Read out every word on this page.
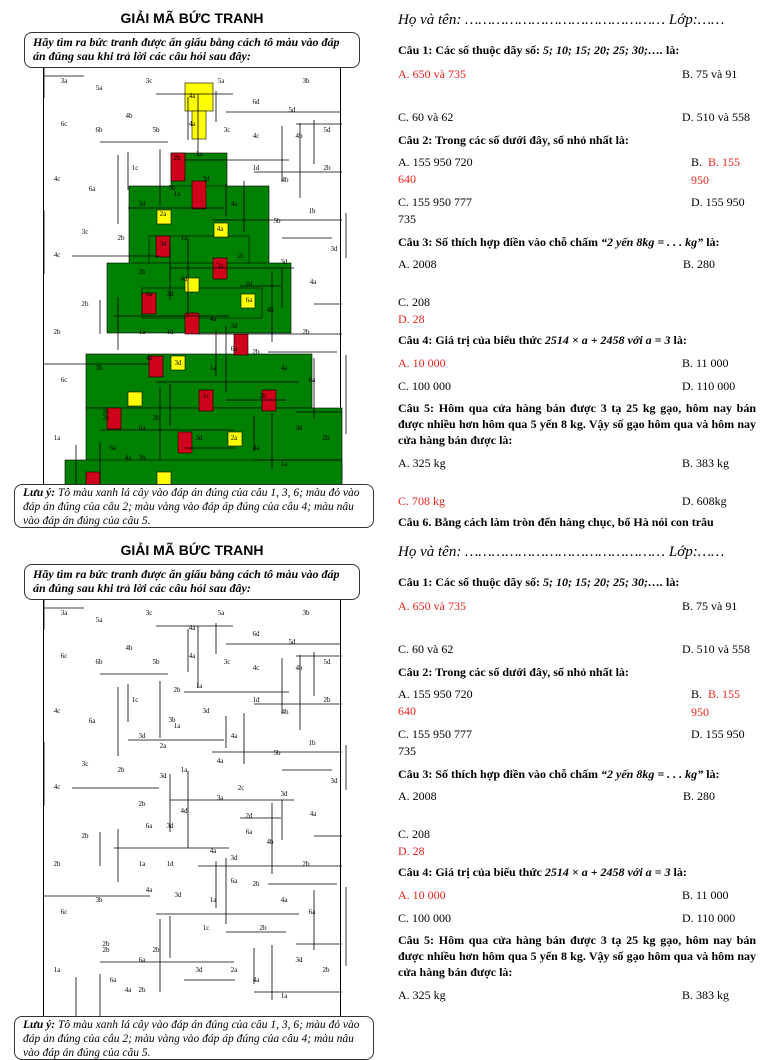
GIẢI MÃ BỨC TRANH
Hãy tìm ra bức tranh được ẩn giấu bằng cách tô màu vào đáp án đúng sau khi trả lời các câu hỏi sau đây:
3a
5a
3c	5a	3b
4a
6d
5d
4a
6c
6b
4b
5b	3c
4c	4b
5d
2b 1a
1c
3d
1d
4b
4c
6a	3b
2b
1a
3d	4a
2a
5b
1b
4a
3c
2b
3d
1a
2c
4c
3d
2b
3a	3d
4d	4a
2d
2b
6a 3d
4a
6a
4b
2b
3d
1a	1d	2b
6a 2b
4a
3d
3b	1a
6c
4a
6a
2b
2b
1c	2b
1a
2b
6a
4a
3d	2a
3d
2b
6a	4a
2b
1a
Lưu ý: Tô màu xanh lá cây vào đáp án đúng của câu 1, 3, 6; màu đỏ vào đáp án đúng của câu 2; màu vàng vào đáp áp đúng của câu 4; màu nâu vào đáp án đúng của câu 5.
Họ và tên: ……………………………………… Lớp:……
Câu 1: Các số thuộc dãy số: 5; 10; 15; 20; 25; 30;…. là:
A. 650 và 735	B. 75 và 91
C. 60 và 62	D. 510 và 558
Câu 2: Trong các số dưới đây, số nhỏ nhất là:
A. 155 950 720	B.  B. 155 950
640
C. 155 950 777	D. 155 950
735
Câu 3: Số thích hợp điền vào chỗ chấm “2 yến 8kg = . . . kg” là:
A. 2008	B. 280
C. 208
D. 28
Câu 4: Giá trị của biểu thức 2514 × a + 2458 với a = 3 là:
A. 10 000	B. 11 000
C. 100 000	D. 110 000
Câu 5: Hôm qua cửa hàng bán được 3 tạ 25 kg gạo, hôm nay bán được nhiều hơn hôm qua 5 yến 8 kg. Vậy số gạo hôm qua và hôm nay cửa hàng bán được là:
A. 325 kg	B. 383 kg
C. 708 kg	D. 608kg
Câu 6. Bằng cách làm tròn đến hàng chục, bố Hà nói con trâu
GIẢI MÃ BỨC TRANH
Hãy tìm ra bức tranh được ẩn giấu bằng cách tô màu vào đáp án đúng sau khi trả lời các câu hỏi sau đây:
3a
5a
3c	5a	3b
4a
6d
5d
4a
6c
6b
4b
5b	3c
4c	4b
5d
2b 1a
1c
3d
1d
4b
4c
6a	3b
2b
1a
3d	4a
2a
5b
1b
4a
3c
2b
3d
1a
2c
4c
3d
2b
3a	3d
4d	4a
2d
2b
6a 3d
4a
6a
4b
2b
3d
1a	1d	2b
6a 2b
4a
3d
3b	1a
6c
4a
6a
2b
2b
1c	2b
1a
2b
6a
4a
3d	2a
3d
2b
6a	4a
2b
1a
Lưu ý: Tô màu xanh lá cây vào đáp án đúng của câu 1, 3, 6; màu đỏ vào đáp án đúng của câu 2; màu vàng vào đáp áp đúng của câu 4; màu nâu vào đáp án đúng của câu 5.
Họ và tên: ……………………………………… Lớp:……
Câu 1: Các số thuộc dãy số: 5; 10; 15; 20; 25; 30;…. là:
A. 650 và 735	B. 75 và 91
C. 60 và 62	D. 510 và 558
Câu 2: Trong các số dưới đây, số nhỏ nhất là:
A. 155 950 720	B.  B. 155 950
640
C. 155 950 777	D. 155 950
735
Câu 3: Số thích hợp điền vào chỗ chấm “2 yến 8kg = . . . kg” là:
A. 2008	B. 280
C. 208
D. 28
Câu 4: Giá trị của biểu thức 2514 × a + 2458 với a = 3 là:
A. 10 000	B. 11 000
C. 100 000	D. 110 000
Câu 5: Hôm qua cửa hàng bán được 3 tạ 25 kg gạo, hôm nay bán được nhiều hơn hôm qua 5 yến 8 kg. Vậy số gạo hôm qua và hôm nay cửa hàng bán được là:
A. 325 kg	B. 383 kg
